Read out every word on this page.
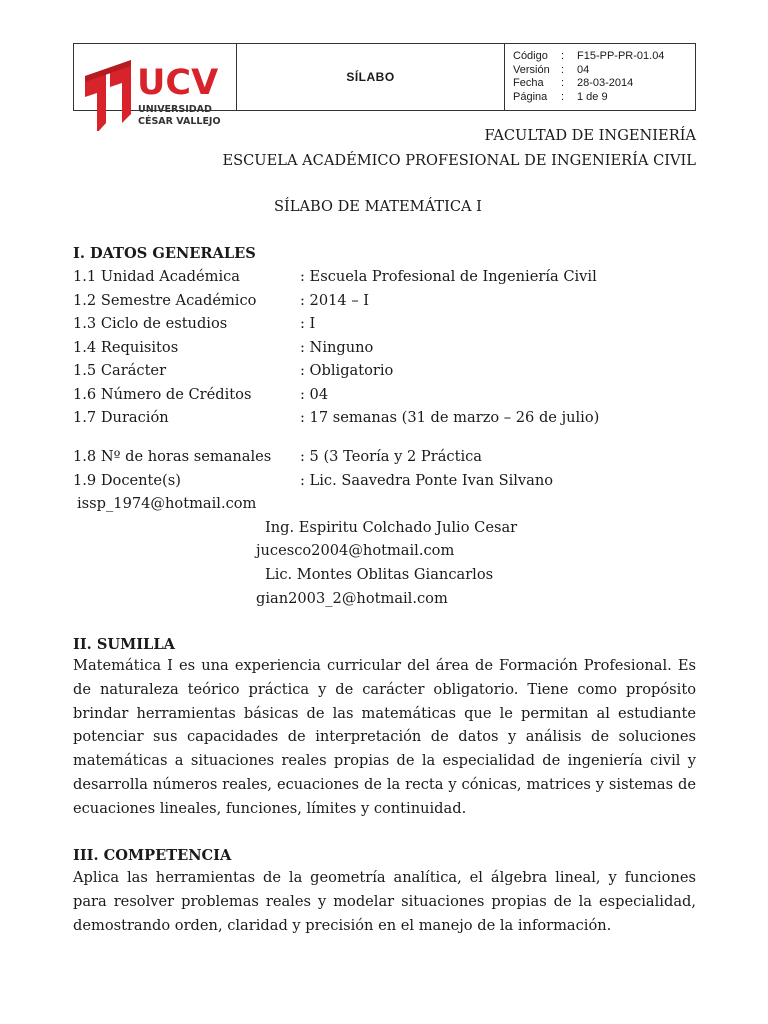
UCV
UNIVERSIDAD
CÉSAR VALLEJO
SÍLABO
Código	:	F15-PP-PR-01.04
Versión	:	04
Fecha	:	28-03-2014
Página	:	1 de 9
FACULTAD DE INGENIERÍA
ESCUELA ACADÉMICO PROFESIONAL DE INGENIERÍA CIVIL
SÍLABO DE MATEMÁTICA I
I. DATOS GENERALES
1.1 Unidad Académica	: Escuela Profesional de Ingeniería Civil
1.2 Semestre Académico	: 2014 – I
1.3 Ciclo de estudios	: I
1.4 Requisitos	: Ninguno
1.5 Carácter	: Obligatorio
1.6 Número de Créditos	: 04
1.7 Duración	: 17 semanas (31 de marzo – 26 de julio)
1.8 Nº de horas semanales : 5 (3 Teoría y 2 Práctica
1.9 Docente(s)	: Lic. Saavedra Ponte Ivan Silvano
issp_1974@hotmail.com
Ing. Espiritu Colchado Julio Cesar
jucesco2004@hotmail.com
Lic. Montes Oblitas Giancarlos
gian2003_2@hotmail.com
II. SUMILLA
Matemática I es una experiencia curricular del área de Formación Profesional. Es de naturaleza teórico práctica y de carácter obligatorio. Tiene como propósito brindar herramientas básicas de las matemáticas que le permitan al estudiante potenciar sus capacidades de interpretación de datos y análisis de soluciones matemáticas a situaciones reales propias de la especialidad de ingeniería civil y desarrolla números reales, ecuaciones de la recta y cónicas, matrices y sistemas de ecuaciones lineales, funciones, límites y continuidad.
III. COMPETENCIA
Aplica las herramientas de la geometría analítica, el álgebra lineal, y funciones para resolver problemas reales y modelar situaciones propias de la especialidad, demostrando orden, claridad y precisión en el manejo de la información.
